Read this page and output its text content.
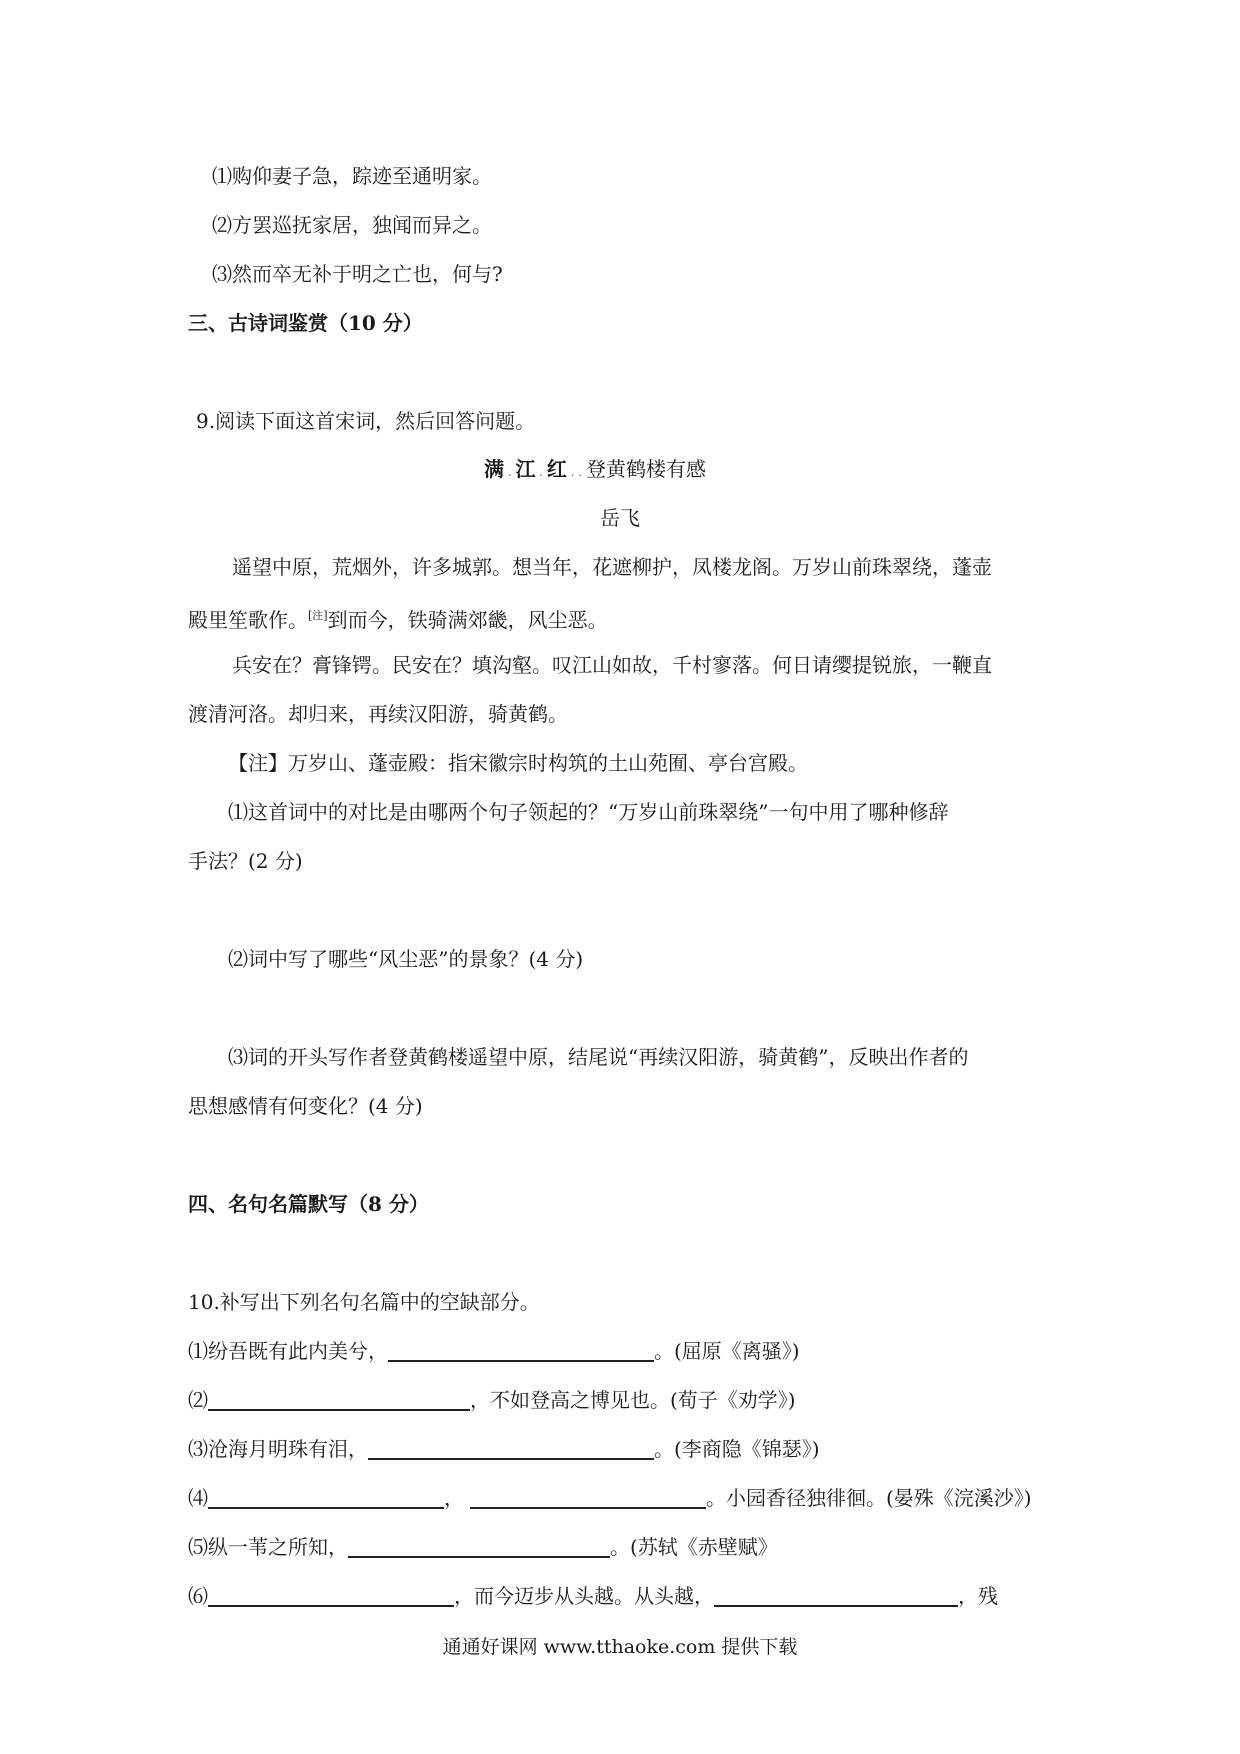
⑴购仰妻子急，踪迹至通明家。
⑵方罢巡抚家居，独闻而异之。
⑶然而卒无补于明之亡也，何与?
三、古诗词鉴赏（10 分）
9.阅读下面这首宋词，然后回答问题。
满 . 江 . 红 . . 登黄鹤楼有感
岳飞
遥望中原，荒烟外，许多城郭。想当年，花遮柳护，凤楼龙阁。万岁山前珠翠绕，蓬壶
殿里笙歌作。[注]到而今，铁骑满郊畿，风尘恶。
兵安在？膏锋锷。民安在？填沟壑。叹江山如故，千村寥落。何日请缨提锐旅，一鞭直
渡清河洛。却归来，再续汉阳游，骑黄鹤。
【注】万岁山、蓬壶殿：指宋徽宗时构筑的土山苑囿、亭台宫殿。
⑴这首词中的对比是由哪两个句子领起的？“万岁山前珠翠绕”一句中用了哪种修辞
手法？(2 分)
⑵词中写了哪些“风尘恶”的景象？(4 分)
⑶词的开头写作者登黄鹤楼遥望中原，结尾说“再续汉阳游，骑黄鹤”，反映出作者的
思想感情有何变化？(4 分)
四、名句名篇默写（8 分）
10.补写出下列名句名篇中的空缺部分。
⑴纷吾既有此内美兮，	。(屈原《离骚》)
⑵	，不如登高之博见也。(荀子《劝学》)
⑶沧海月明珠有泪，	。(李商隐《锦瑟》)
⑷	，	。小园香径独徘徊。(晏殊《浣溪沙》)
⑸纵一苇之所知，	。(苏轼《赤壁赋》
⑹	，而今迈步从头越。从头越，	，残
通通好课网 www.tthaoke.com 提供下载
